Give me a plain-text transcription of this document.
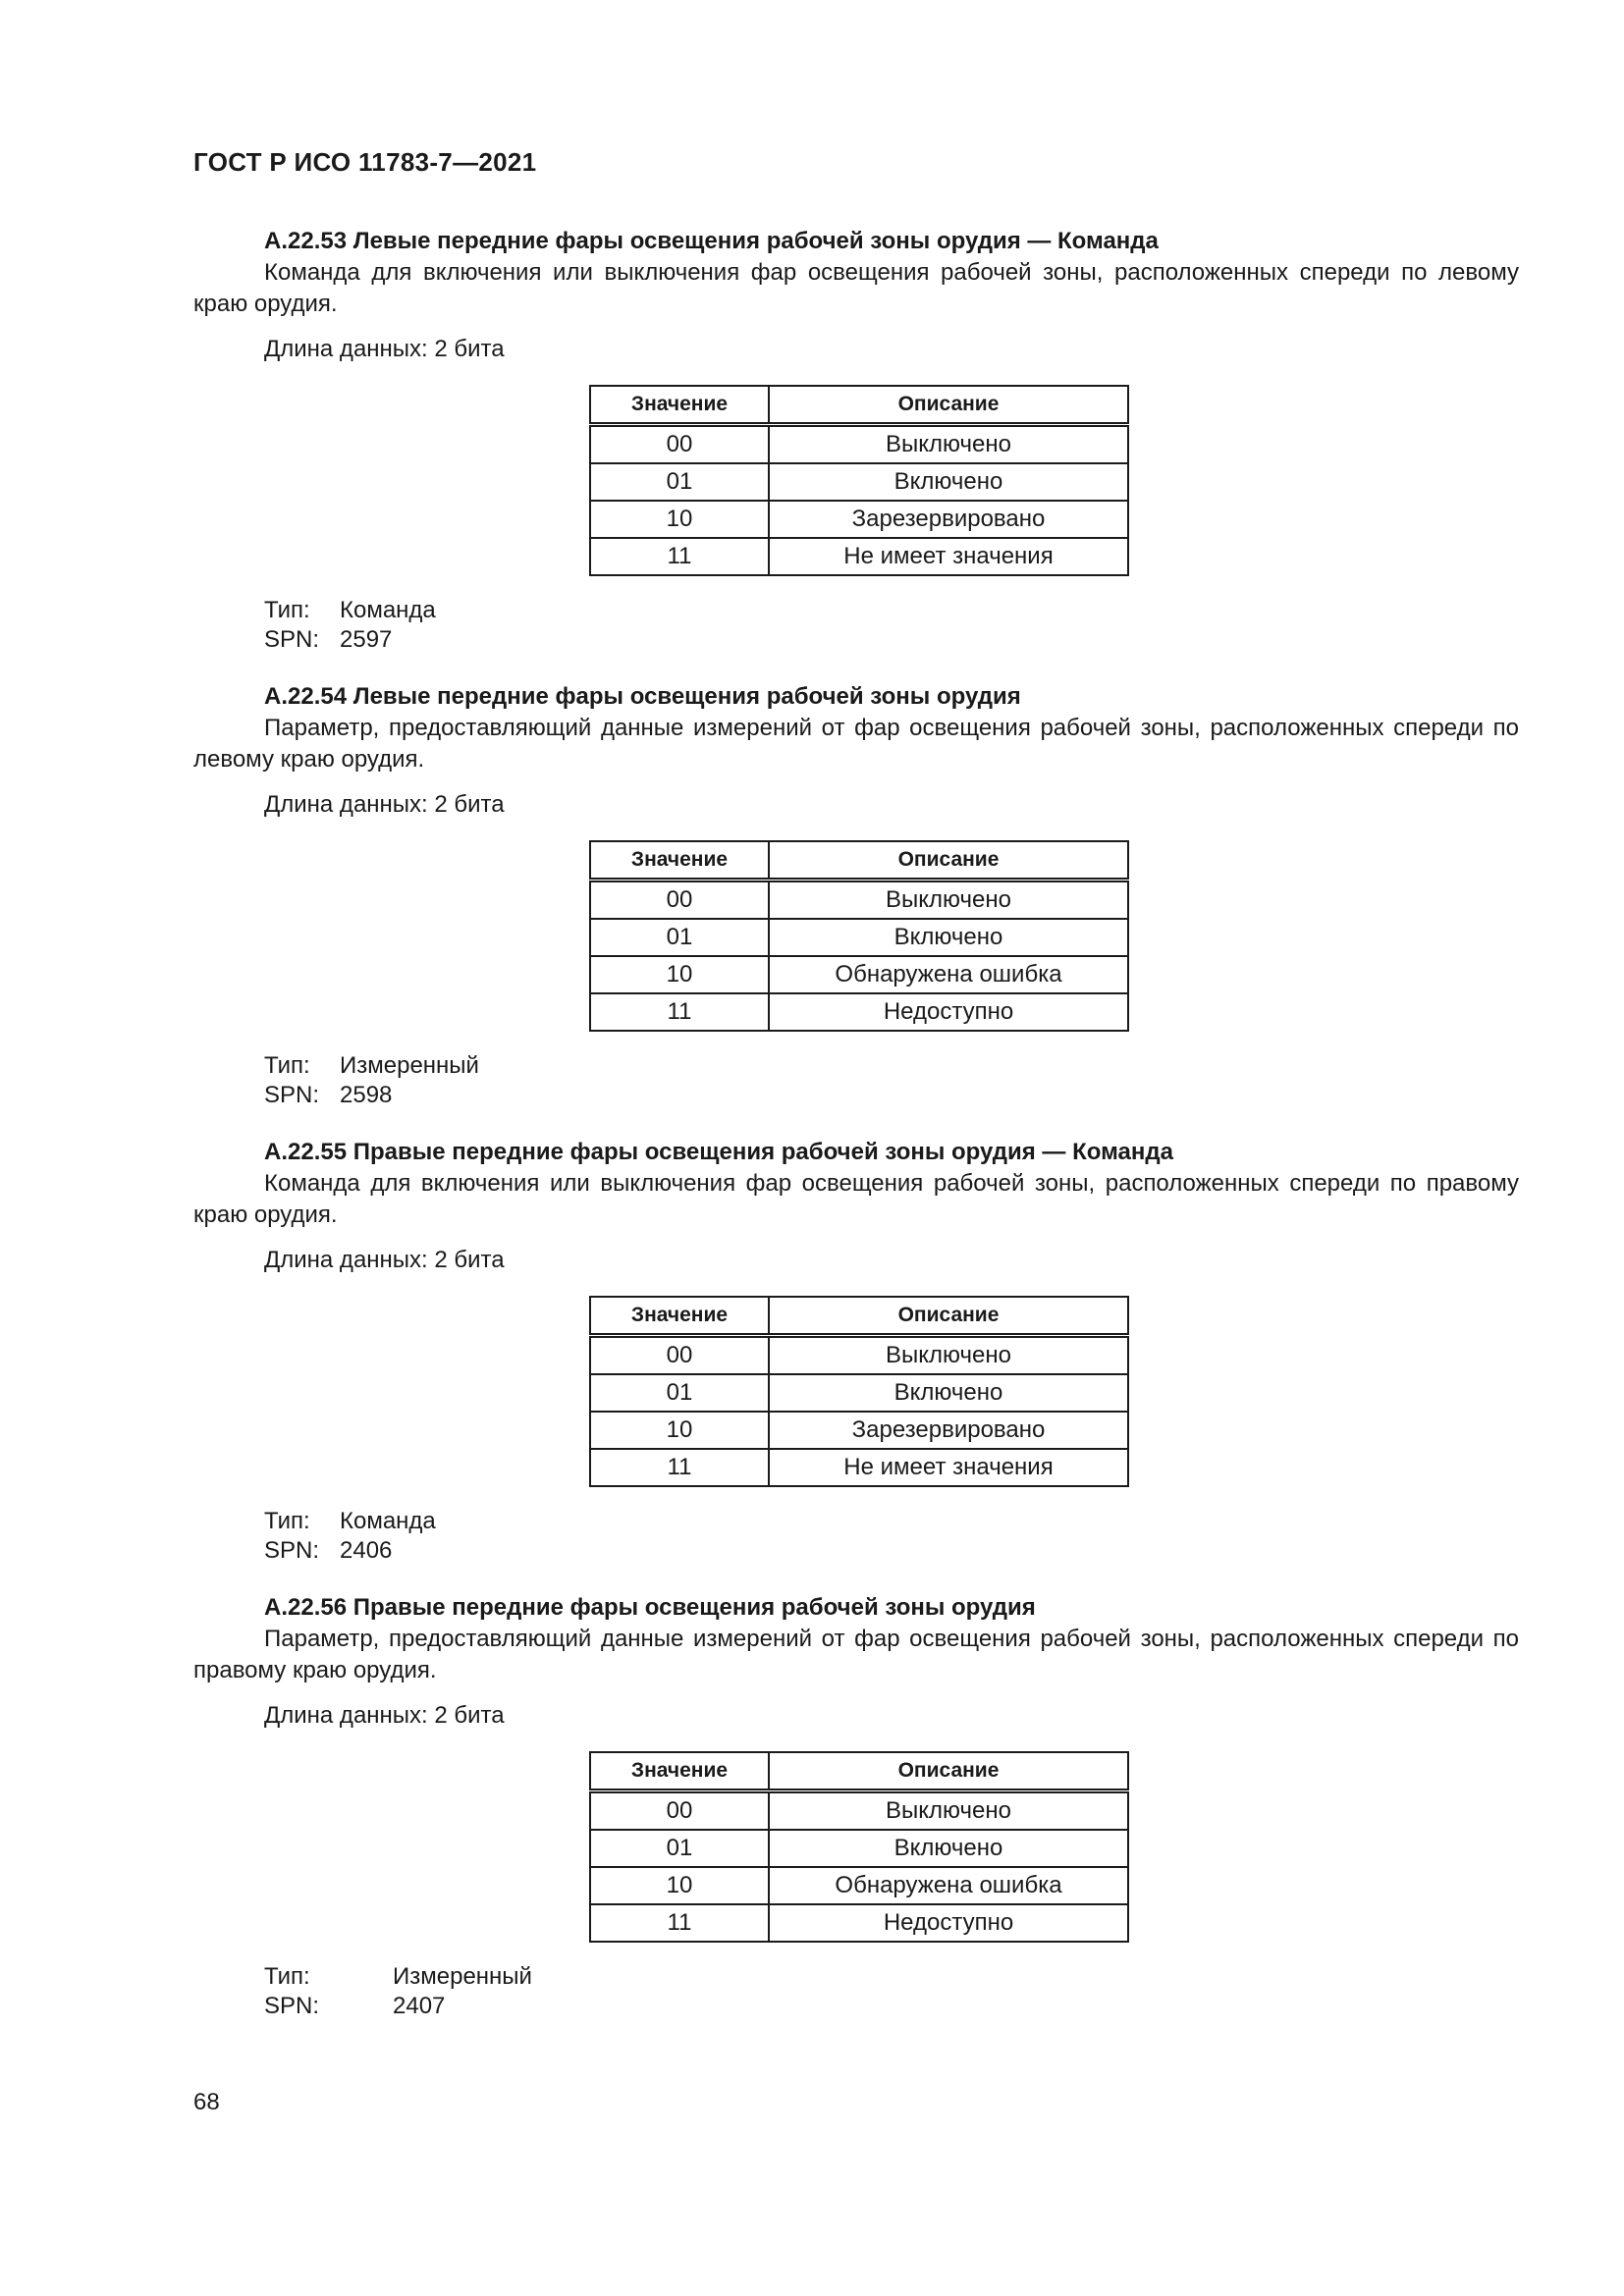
ГОСТ Р ИСО 11783-7—2021

А.22.53 Левые передние фары освещения рабочей зоны орудия — Команда

Команда для включения или выключения фар освещения рабочей зоны, расположенных спереди по левому краю орудия.

Длина данных: 2 бита

Значение	Описание
00	Выключено
01	Включено
10	Зарезервировано
11	Не имеет значения
Тип:	Команда
SPN: 2597

А.22.54 Левые передние фары освещения рабочей зоны орудия

Параметр, предоставляющий данные измерений от фар освещения рабочей зоны, расположенных спереди по левому краю орудия.

Длина данных: 2 бита

Значение	Описание
00	Выключено
01	Включено
10	Обнаружена ошибка
11	Недоступно
Тип:	Измеренный
SPN: 2598

А.22.55 Правые передние фары освещения рабочей зоны орудия — Команда

Команда для включения или выключения фар освещения рабочей зоны, расположенных спереди по правому краю орудия.

Длина данных: 2 бита

Значение	Описание
00	Выключено
01	Включено
10	Зарезервировано
11	Не имеет значения
Тип:	Команда
SPN: 2406

А.22.56 Правые передние фары освещения рабочей зоны орудия

Параметр, предоставляющий данные измерений от фар освещения рабочей зоны, расположенных спереди по правому краю орудия.

Длина данных: 2 бита

Значение	Описание
00	Выключено
01	Включено
10	Обнаружена ошибка
11	Недоступно
Тип:	Измеренный
SPN:	2407
68
